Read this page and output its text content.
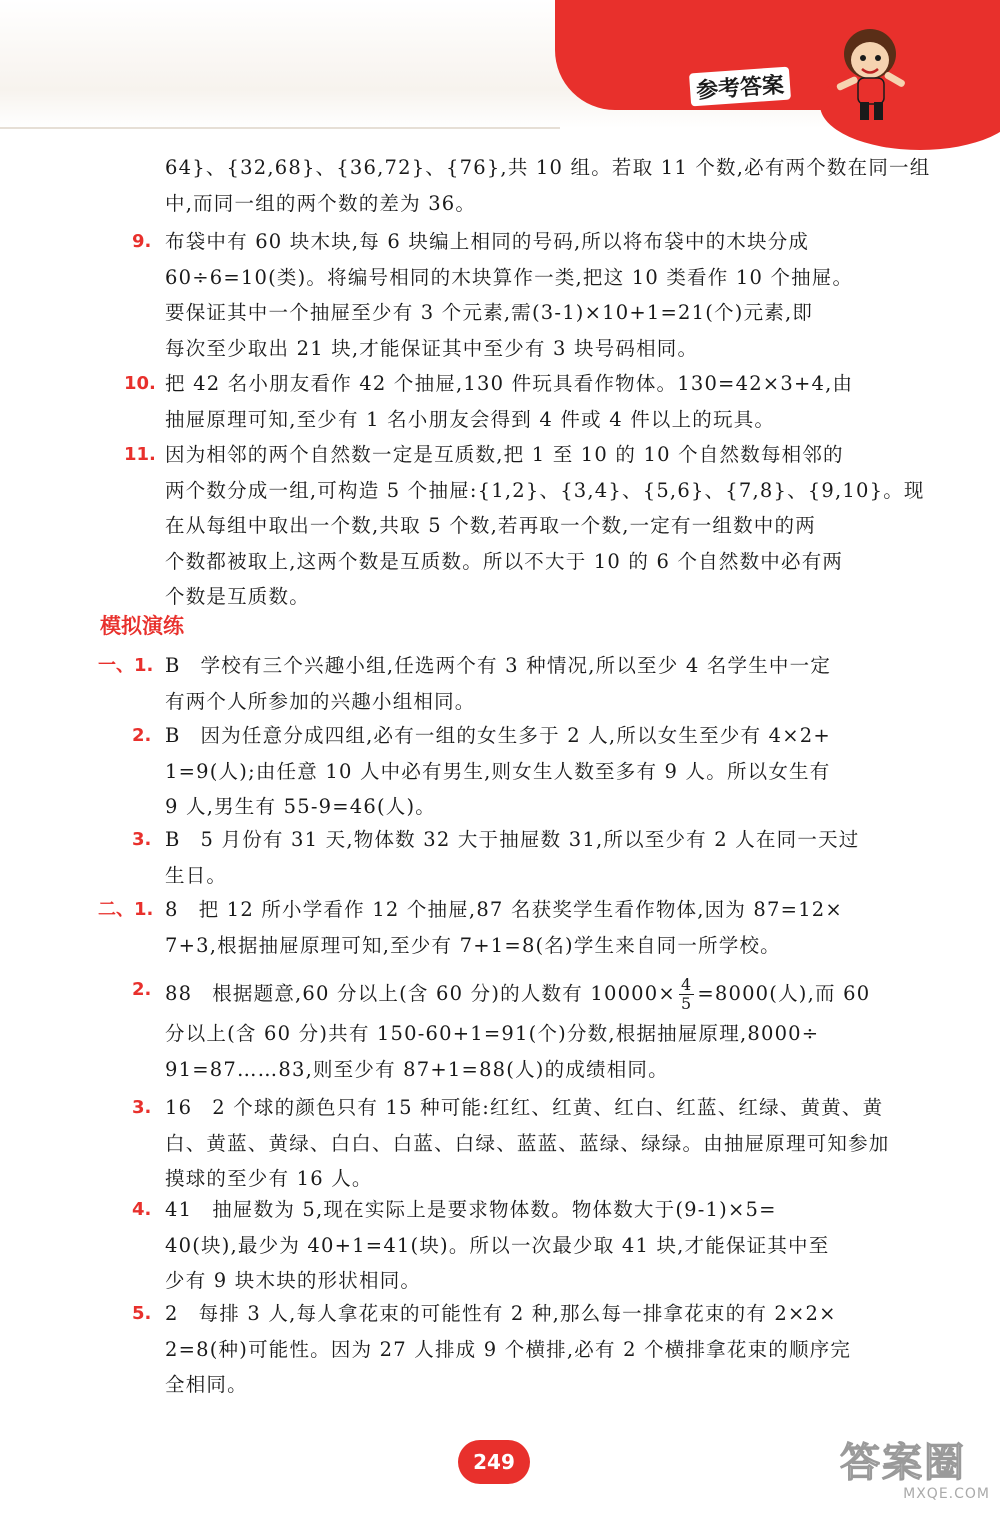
参考答案
64}、{32,68}、{36,72}、{76},共 10 组。若取 11 个数,必有两个数在同一组
中,而同一组的两个数的差为 36。
9. 布袋中有 60 块木块,每 6 块编上相同的号码,所以将布袋中的木块分成
60÷6=10(类)。将编号相同的木块算作一类,把这 10 类看作 10 个抽屉。
要保证其中一个抽屉至少有 3 个元素,需(3-1)×10+1=21(个)元素,即
每次至少取出 21 块,才能保证其中至少有 3 块号码相同。
10. 把 42 名小朋友看作 42 个抽屉,130 件玩具看作物体。130=42×3+4,由
抽屉原理可知,至少有 1 名小朋友会得到 4 件或 4 件以上的玩具。
11. 因为相邻的两个自然数一定是互质数,把 1 至 10 的 10 个自然数每相邻的
两个数分成一组,可构造 5 个抽屉:{1,2}、{3,4}、{5,6}、{7,8}、{9,10}。现
在从每组中取出一个数,共取 5 个数,若再取一个数,一定有一组数中的两
个数都被取上,这两个数是互质数。所以不大于 10 的 6 个自然数中必有两
个数是互质数。
模拟演练
一、1. B 学校有三个兴趣小组,任选两个有 3 种情况,所以至少 4 名学生中一定
有两个人所参加的兴趣小组相同。
2. B 因为任意分成四组,必有一组的女生多于 2 人,所以女生至少有 4×2+
1=9(人);由任意 10 人中必有男生,则女生人数至多有 9 人。所以女生有
9 人,男生有 55-9=46(人)。
3. B 5 月份有 31 天,物体数 32 大于抽屉数 31,所以至少有 2 人在同一天过
生日。
二、1. 8 把 12 所小学看作 12 个抽屉,87 名获奖学生看作物体,因为 87=12×
7+3,根据抽屉原理可知,至少有 7+1=8(名)学生来自同一所学校。
2. 88 根据题意,60 分以上(含 60 分)的人数有 $10000\times \frac{4}{5} =8000$(人),而 60
分以上(含 60 分)共有 150-60+1=91(个)分数,根据抽屉原理,8000÷
91=87……83,则至少有 87+1=88(人)的成绩相同。
3. 16 2 个球的颜色只有 15 种可能:红红、红黄、红白、红蓝、红绿、黄黄、黄
白、黄蓝、黄绿、白白、白蓝、白绿、蓝蓝、蓝绿、绿绿。由抽屉原理可知参加
摸球的至少有 16 人。
4. 41 抽屉数为 5,现在实际上是要求物体数。物体数大于(9-1)×5=
40(块),最少为 40+1=41(块)。所以一次最少取 41 块,才能保证其中至
少有 9 块木块的形状相同。
5. 2 每排 3 人,每人拿花束的可能性有 2 种,那么每一排拿花束的有 2×2×
2=8(种)可能性。因为 27 人排成 9 个横排,必有 2 个横排拿花束的顺序完
全相同。
249	答案圈
MXQE.COM
